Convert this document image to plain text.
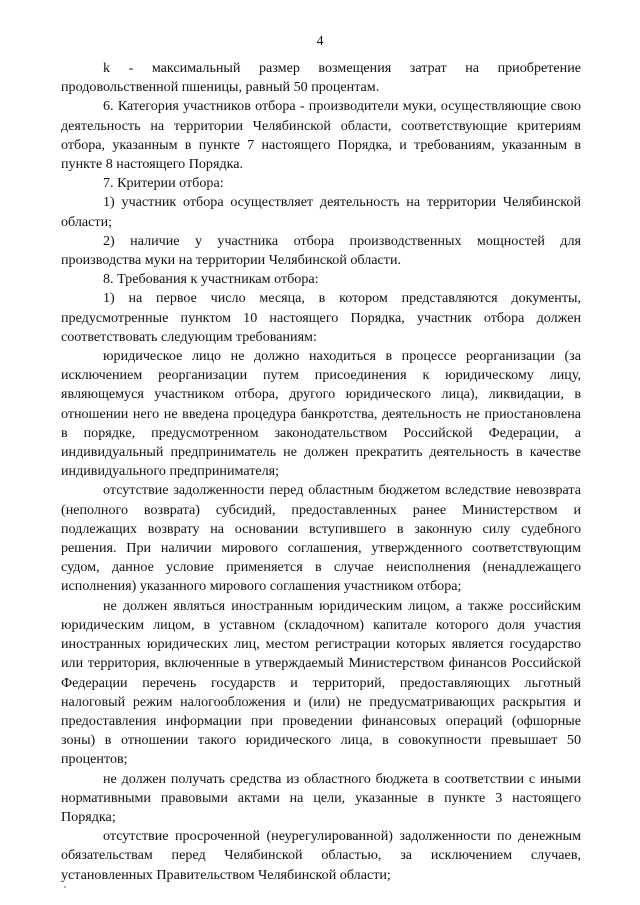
4

k - максимальный размер возмещения затрат на приобретение продовольственной пшеницы, равный 50 процентам.

6. Категория участников отбора - производители муки, осуществляющие свою деятельность на территории Челябинской области, соответствующие критериям отбора, указанным в пункте 7 настоящего Порядка, и требованиям, указанным в пункте 8 настоящего Порядка.

7. Критерии отбора:

1) участник отбора осуществляет деятельность на территории Челябинской области;

2) наличие у участника отбора производственных мощностей для производства муки на территории Челябинской области.

8. Требования к участникам отбора:

1) на первое число месяца, в котором представляются документы, предусмотренные пунктом 10 настоящего Порядка, участник отбора должен соответствовать следующим требованиям:

юридическое лицо не должно находиться в процессе реорганизации (за исключением реорганизации путем присоединения к юридическому лицу, являющемуся участником отбора, другого юридического лица), ликвидации, в отношении него не введена процедура банкротства, деятельность не приостановлена в порядке, предусмотренном законодательством Российской Федерации, а индивидуальный предприниматель не должен прекратить деятельность в качестве индивидуального предпринимателя;

отсутствие задолженности перед областным бюджетом вследствие невозврата (неполного возврата) субсидий, предоставленных ранее Министерством и подлежащих возврату на основании вступившего в законную силу судебного решения. При наличии мирового соглашения, утвержденного соответствующим судом, данное условие применяется в случае неисполнения (ненадлежащего исполнения) указанного мирового соглашения участником отбора;

не должен являться иностранным юридическим лицом, а также российским юридическим лицом, в уставном (складочном) капитале которого доля участия иностранных юридических лиц, местом регистрации которых является государство или территория, включенные в утверждаемый Министерством финансов Российской Федерации перечень государств и территорий, предоставляющих льготный налоговый режим налогообложения и (или) не предусматривающих раскрытия и предоставления информации при проведении финансовых операций (офшорные зоны) в отношении такого юридического лица, в совокупности превышает 50 процентов;

не должен получать средства из областного бюджета в соответствии с иными нормативными правовыми актами на цели, указанные в пункте 3 настоящего Порядка;

отсутствие просроченной (неурегулированной) задолженности по денежным обязательствам перед Челябинской областью, за исключением случаев, установленных Правительством Челябинской области;
